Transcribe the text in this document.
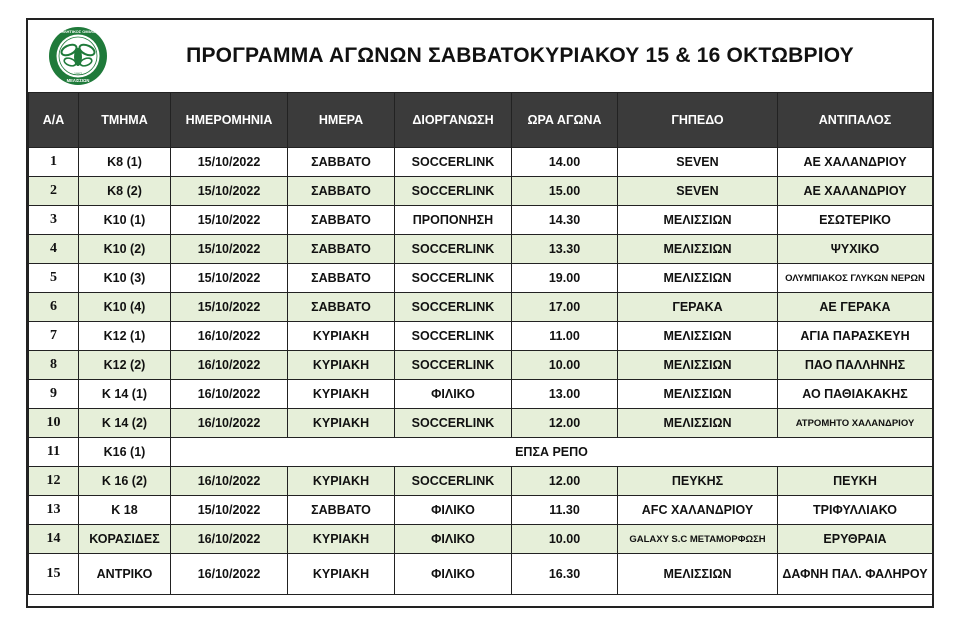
ΑΘΛΗΤΙΚΟΣ ΟΜΙΛΟΣ
ΜΕΛΙΣΣΙΩΝ
1962
ΠΡΟΓΡΑΜΜΑ ΑΓΩΝΩΝ ΣΑΒΒΑΤΟΚΥΡΙΑΚΟΥ 15 & 16 ΟΚΤΩΒΡΙΟΥ
Α/Α	ΤΜΗΜΑ	ΗΜΕΡΟΜΗΝΙΑ	ΗΜΕΡΑ	ΔΙΟΡΓΑΝΩΣΗ	ΩΡΑ ΑΓΩΝΑ	ΓΗΠΕΔΟ	ΑΝΤΙΠΑΛΟΣ
1	Κ8 (1)	15/10/2022	ΣΑΒΒΑΤΟ	SOCCERLINK	14.00	SEVEN	ΑΕ ΧΑΛΑΝΔΡΙΟΥ
2	Κ8 (2)	15/10/2022	ΣΑΒΒΑΤΟ	SOCCERLINK	15.00	SEVEN	ΑΕ ΧΑΛΑΝΔΡΙΟΥ
3	Κ10 (1)	15/10/2022	ΣΑΒΒΑΤΟ	ΠΡΟΠΟΝΗΣΗ	14.30	ΜΕΛΙΣΣΙΩΝ	ΕΣΩΤΕΡΙΚΟ
4	Κ10 (2)	15/10/2022	ΣΑΒΒΑΤΟ	SOCCERLINK	13.30	ΜΕΛΙΣΣΙΩΝ	ΨΥΧΙΚΟ
5	Κ10 (3)	15/10/2022	ΣΑΒΒΑΤΟ	SOCCERLINK	19.00	ΜΕΛΙΣΣΙΩΝ	ΟΛΥΜΠΙΑΚΟΣ ΓΛΥΚΩΝ ΝΕΡΩΝ
6	Κ10 (4)	15/10/2022	ΣΑΒΒΑΤΟ	SOCCERLINK	17.00	ΓΕΡΑΚΑ	ΑΕ ΓΕΡΑΚΑ
7	Κ12 (1)	16/10/2022	ΚΥΡΙΑΚΗ	SOCCERLINK	11.00	ΜΕΛΙΣΣΙΩΝ	ΑΓΙΑ ΠΑΡΑΣΚΕΥΗ
8	Κ12 (2)	16/10/2022	ΚΥΡΙΑΚΗ	SOCCERLINK	10.00	ΜΕΛΙΣΣΙΩΝ	ΠΑΟ ΠΑΛΛΗΝΗΣ
9	Κ 14 (1)	16/10/2022	ΚΥΡΙΑΚΗ	ΦΙΛΙΚΟ	13.00	ΜΕΛΙΣΣΙΩΝ	ΑΟ ΠΑΘΙΑΚΑΚΗΣ
10	Κ 14 (2)	16/10/2022	ΚΥΡΙΑΚΗ	SOCCERLINK	12.00	ΜΕΛΙΣΣΙΩΝ	ΑΤΡΟΜΗΤΟ ΧΑΛΑΝΔΡΙΟΥ
11	Κ16 (1)	ΕΠΣΑ ΡΕΠΟ					
12	Κ 16 (2)	16/10/2022	ΚΥΡΙΑΚΗ	SOCCERLINK	12.00	ΠΕΥΚΗΣ	ΠΕΥΚΗ
13	Κ 18	15/10/2022	ΣΑΒΒΑΤΟ	ΦΙΛΙΚΟ	11.30	AFC ΧΑΛΑΝΔΡΙΟΥ	ΤΡΙΦΥΛΛΙΑΚΟ
14	ΚΟΡΑΣΙΔΕΣ	16/10/2022	ΚΥΡΙΑΚΗ	ΦΙΛΙΚΟ	10.00	GALAXY S.C ΜΕΤΑΜΟΡΦΩΣΗ	ΕΡΥΘΡΑΙΑ
15	ΑΝΤΡΙΚΟ	16/10/2022	ΚΥΡΙΑΚΗ	ΦΙΛΙΚΟ	16.30	ΜΕΛΙΣΣΙΩΝ	ΔΑΦΝΗ ΠΑΛ. ΦΑΛΗΡΟΥ
